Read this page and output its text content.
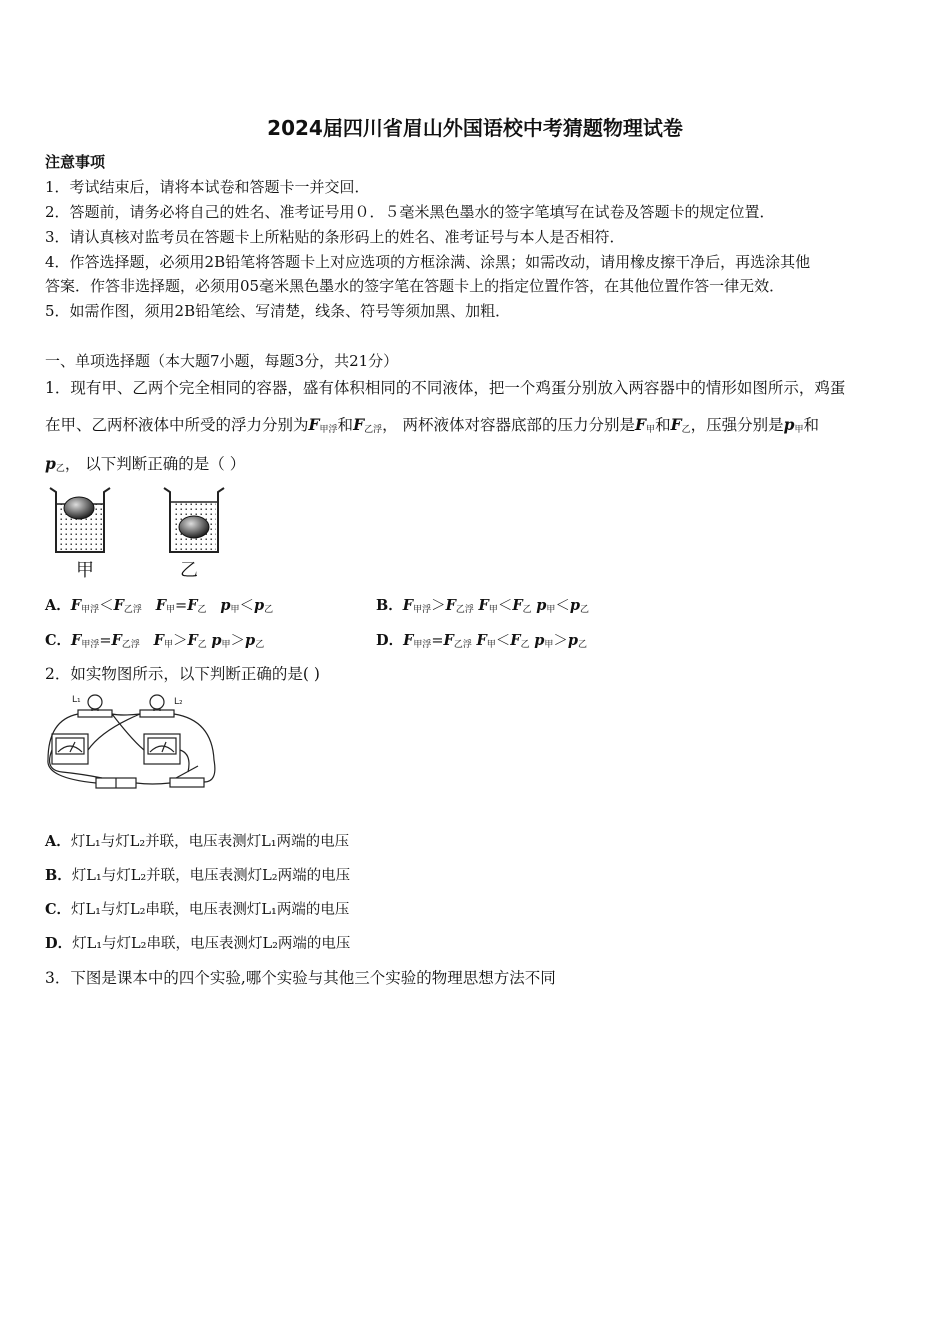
2024届四川省眉山外国语校中考猜题物理试卷
注意事项
1．考试结束后，请将本试卷和答题卡一并交回．
2．答题前，请务必将自己的姓名、准考证号用０．５毫米黑色墨水的签字笔填写在试卷及答题卡的规定位置．
3．请认真核对监考员在答题卡上所粘贴的条形码上的姓名、准考证号与本人是否相符．
4．作答选择题，必须用2B铅笔将答题卡上对应选项的方框涂满、涂黑；如需改动，请用橡皮擦干净后，再选涂其他
答案．作答非选择题，必须用05毫米黑色墨水的签字笔在答题卡上的指定位置作答，在其他位置作答一律无效．
5．如需作图，须用2B铅笔绘、写清楚，线条、符号等须加黑、加粗．
一、单项选择题（本大题7小题，每题3分，共21分）
1．现有甲、乙两个完全相同的容器，盛有体积相同的不同液体，把一个鸡蛋分别放入两容器中的情形如图所示，鸡蛋
在甲、乙两杯液体中所受的浮力分别为$F_{甲浮}$和$F_{乙浮}$， 两杯液体对容器底部的压力分别是$F_甲$和$F_乙$，压强分别是$p_甲$和
$p_乙$， 以下判断正确的是（ ）
甲	乙
A．$F_{甲浮}<F_{乙浮}$ $F_甲=F_乙$ $p_甲<p_乙$	B．$F_{甲浮}>F_{乙浮}$ $F_甲<F_乙$ $p_甲<p_乙$
C．$F_{甲浮}=F_{乙浮}$ $F_甲>F_乙$ $p_甲>p_乙$	D．$F_{甲浮}=F_{乙浮}$ $F_甲<F_乙$ $p_甲>p_乙$
2．如实物图所示，以下判断正确的是( )
L₁	L₂
A．灯L₁与灯L₂并联，电压表测灯L₁两端的电压
B．灯L₁与灯L₂并联，电压表测灯L₂两端的电压
C．灯L₁与灯L₂串联，电压表测灯L₁两端的电压
D．灯L₁与灯L₂串联，电压表测灯L₂两端的电压
3．下图是课本中的四个实验,哪个实验与其他三个实验的物理思想方法不同
